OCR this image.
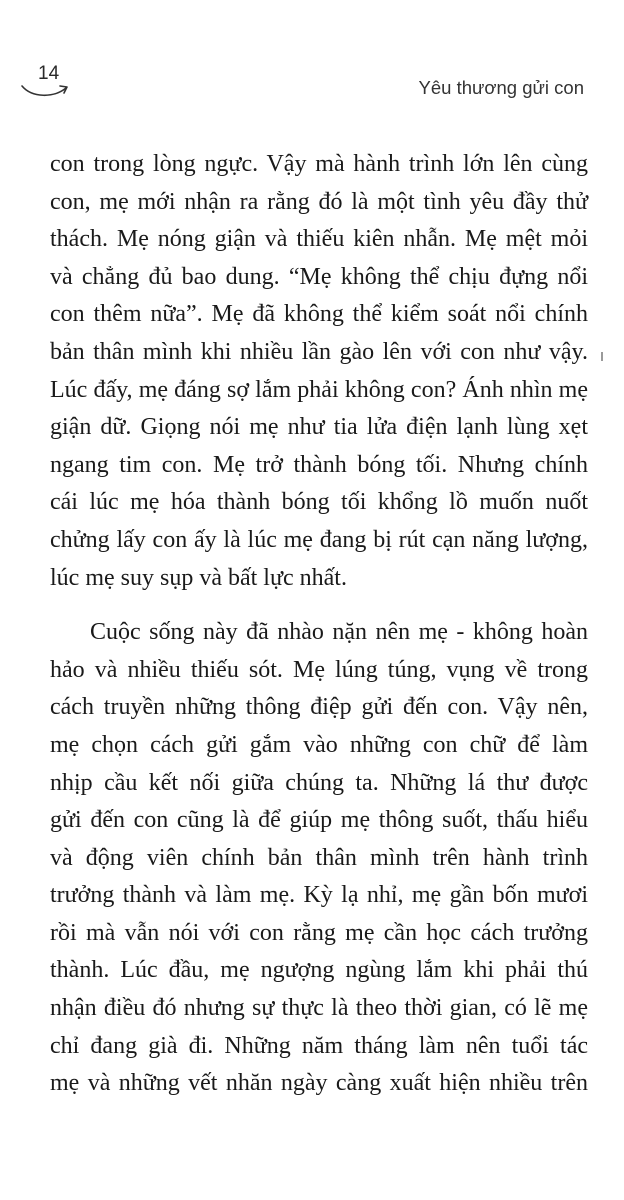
14
Yêu thương gửi con
con trong lòng ngực. Vậy mà hành trình lớn lên cùng
con, mẹ mới nhận ra rằng đó là một tình yêu đầy thử
thách. Mẹ nóng giận và thiếu kiên nhẫn. Mẹ mệt mỏi
và chẳng đủ bao dung. “Mẹ không thể chịu đựng nổi
con thêm nữa”. Mẹ đã không thể kiểm soát nổi chính
bản thân mình khi nhiều lần gào lên với con như vậy.
Lúc đấy, mẹ đáng sợ lắm phải không con? Ánh nhìn mẹ
giận dữ. Giọng nói mẹ như tia lửa điện lạnh lùng xẹt
ngang tim con. Mẹ trở thành bóng tối. Nhưng chính
cái lúc mẹ hóa thành bóng tối khổng lồ muốn nuốt
chửng lấy con ấy là lúc mẹ đang bị rút cạn năng lượng,
lúc mẹ suy sụp và bất lực nhất.
Cuộc sống này đã nhào nặn nên mẹ - không hoàn
hảo và nhiều thiếu sót. Mẹ lúng túng, vụng về trong
cách truyền những thông điệp gửi đến con. Vậy nên,
mẹ chọn cách gửi gắm vào những con chữ để làm
nhịp cầu kết nối giữa chúng ta. Những lá thư được
gửi đến con cũng là để giúp mẹ thông suốt, thấu hiểu
và động viên chính bản thân mình trên hành trình
trưởng thành và làm mẹ. Kỳ lạ nhỉ, mẹ gần bốn mươi
rồi mà vẫn nói với con rằng mẹ cần học cách trưởng
thành. Lúc đầu, mẹ ngượng ngùng lắm khi phải thú
nhận điều đó nhưng sự thực là theo thời gian, có lẽ mẹ
chỉ đang già đi. Những năm tháng làm nên tuổi tác
mẹ và những vết nhăn ngày càng xuất hiện nhiều trên
